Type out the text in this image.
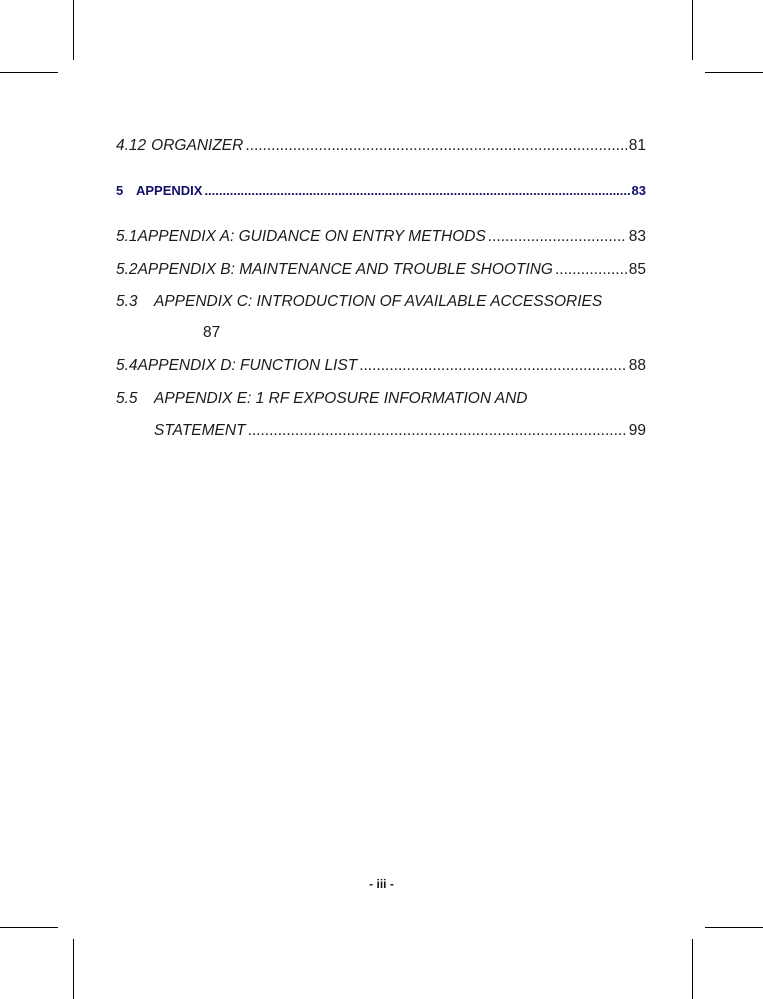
4.12 ORGANIZER .....	81
5 APPENDIX .....	83
5.1 APPENDIX A: GUIDANCE ON ENTRY METHODS .....	83
5.2 APPENDIX B: MAINTENANCE AND TROUBLE SHOOTING .....	85
5.3	APPENDIX C: INTRODUCTION OF AVAILABLE ACCESSORIES
87
5.4 APPENDIX D: FUNCTION LIST .....	88
5.5	APPENDIX E: 1 RF EXPOSURE INFORMATION AND
STATEMENT .....	99
- iii -
